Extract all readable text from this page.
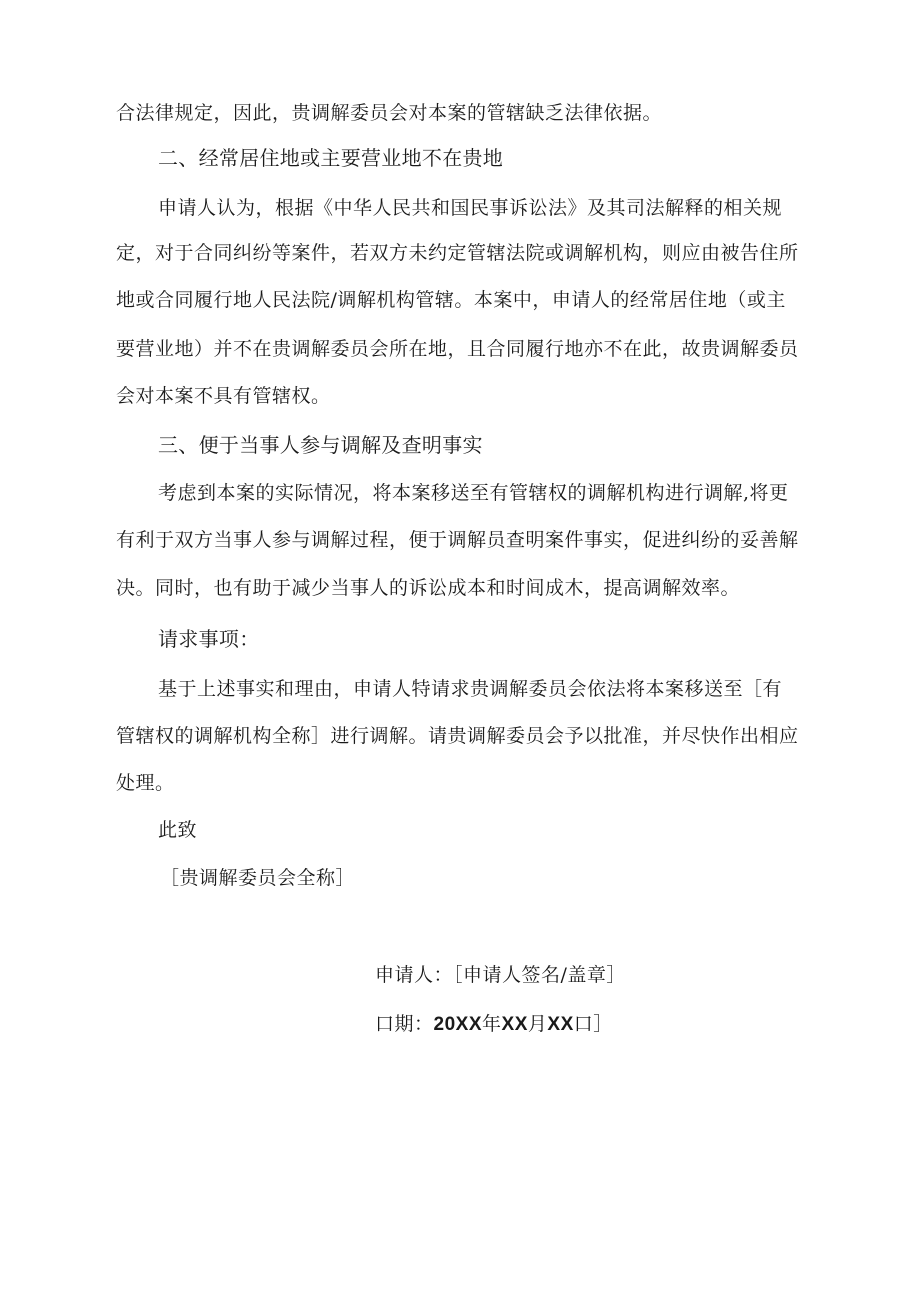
合法律规定，因此，贵调解委员会对本案的管辖缺乏法律依据。
二、经常居住地或主要营业地不在贵地
申请人认为，根据《中华人民共和国民事诉讼法》及其司法解释的相关规
定，对于合同纠纷等案件，若双方未约定管辖法院或调解机构，则应由被告住所
地或合同履行地人民法院/调解机构管辖。本案中，申请人的经常居住地（或主
要营业地）并不在贵调解委员会所在地，且合同履行地亦不在此，故贵调解委员
会对本案不具有管辖权。
三、便于当事人参与调解及查明事实
考虑到本案的实际情况，将本案移送至有管辖权的调解机构进行调解,将更
有利于双方当事人参与调解过程，便于调解员查明案件事实，促进纠纷的妥善解
决。同时，也有助于减少当事人的诉讼成本和时间成木，提高调解效率。
请求事项：
基于上述事实和理由，申请人特请求贵调解委员会依法将本案移送至［有
管辖权的调解机构全称］进行调解。请贵调解委员会予以批准，并尽快作出相应
处理。
此致
［贵调解委员会全称］
申请人：［申请人签名/盖章］
口期：20XX年XX月XX口］
